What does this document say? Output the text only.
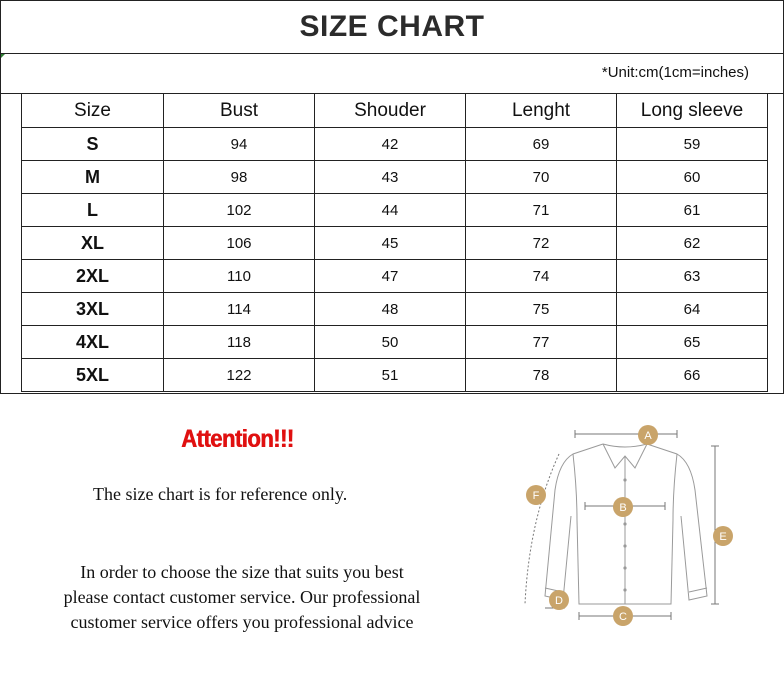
SIZE CHART
*Unit:cm(1cm=inches)
Size	Bust	Shouder	Lenght	Long sleeve
S	94	42	69	59
M	98	43	70	60
L	102	44	71	61
XL	106	45	72	62
2XL	110	47	74	63
3XL	114	48	75	64
4XL	118	50	77	65
5XL	122	51	78	66
Attention!!!
The size chart is for reference only.
In order to choose the size that suits you best
please contact customer service. Our professional
customer service offers you professional advice
A
B
C
D
E
F
